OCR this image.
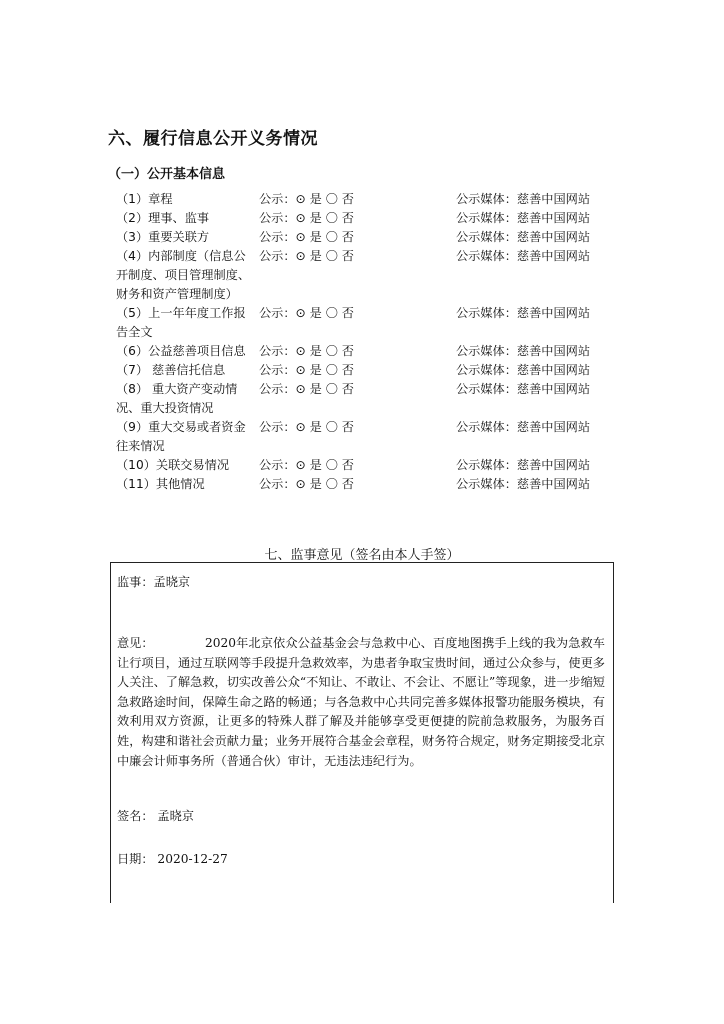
六、履行信息公开义务情况
（一）公开基本信息
（1）章程	公示：⊙ 是 〇 否	公示媒体：慈善中国网站
（2）理事、监事	公示：⊙ 是 〇 否	公示媒体：慈善中国网站
（3）重要关联方	公示：⊙ 是 〇 否	公示媒体：慈善中国网站
（4）内部制度（信息公 公示：⊙ 是 〇 否	公示媒体：慈善中国网站
开制度、项目管理制度、
财务和资产管理制度）
（5）上一年年度工作报 公示：⊙ 是 〇 否	公示媒体：慈善中国网站
告全文
（6）公益慈善项目信息 公示：⊙ 是 〇 否	公示媒体：慈善中国网站
（7） 慈善信托信息	公示：⊙ 是 〇 否	公示媒体：慈善中国网站
（8） 重大资产变动情 公示：⊙ 是 〇 否	公示媒体：慈善中国网站
况、重大投资情况
（9）重大交易或者资金 公示：⊙ 是 〇 否	公示媒体：慈善中国网站
往来情况
（10）关联交易情况 公示：⊙ 是 〇 否	公示媒体：慈善中国网站
（11）其他情况	公示：⊙ 是 〇 否	公示媒体：慈善中国网站
七、监事意见（签名由本人手签）
监事：孟晓京
意见：	2020年北京依众公益基金会与急救中心、百度地图携手上线的我为急救车让行项目，通过互联网等手段提升急救效率，为患者争取宝贵时间，通过公众参与，使更多人关注、了解急救，切实改善公众“不知让、不敢让、不会让、不愿让”等现象，进一步缩短急救路途时间，保障生命之路的畅通；与各急救中心共同完善多媒体报警功能服务模块，有效利用双方资源，让更多的特殊人群了解及并能够享受更便捷的院前急救服务，为服务百姓，构建和谐社会贡献力量；业务开展符合基金会章程，财务符合规定，财务定期接受北京中廉会计师事务所（普通合伙）审计，无违法违纪行为。
签名： 孟晓京
日期： 2020-12-27
